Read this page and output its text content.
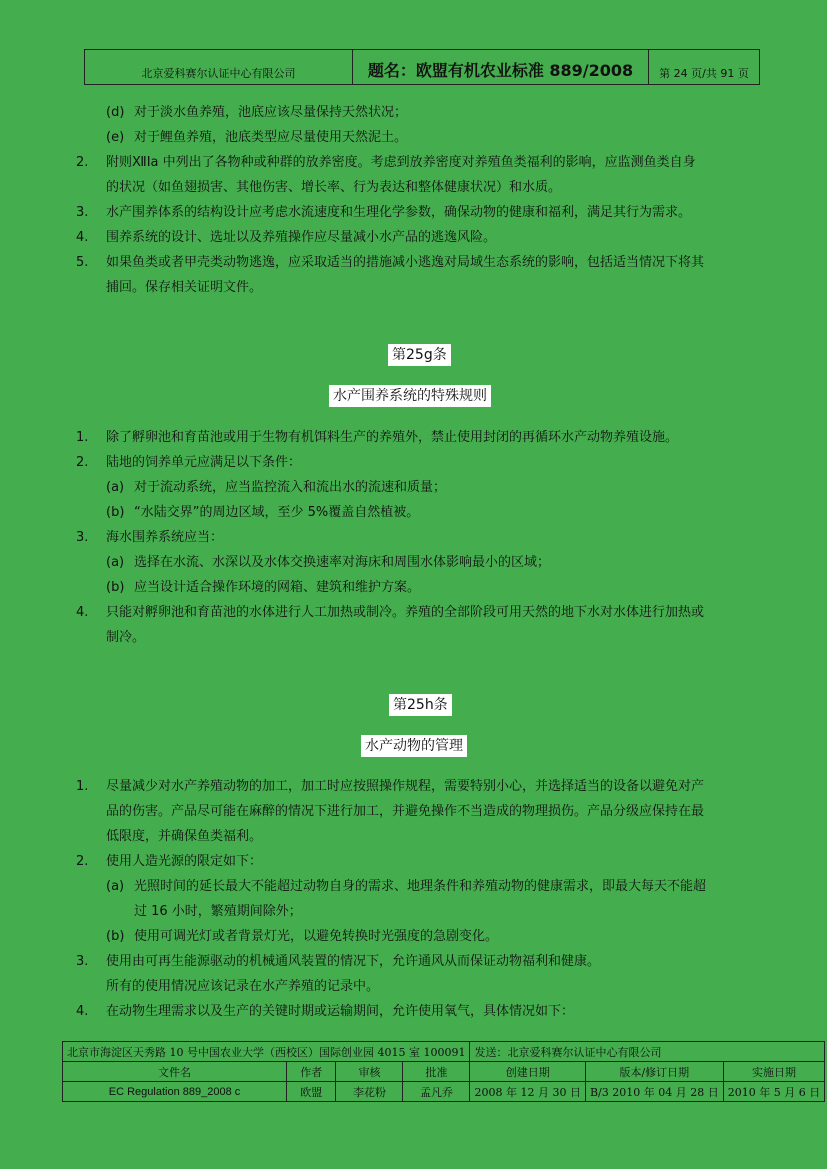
北京爱科赛尔认证中心有限公司	题名：欧盟有机农业标准 889/2008	第 24 页/共 91 页
(d) 对于淡水鱼养殖，池底应该尽量保持天然状况；
(e) 对于鲤鱼养殖，池底类型应尽量使用天然泥土。
2. 附则ⅫIa 中列出了各物种或种群的放养密度。考虑到放养密度对养殖鱼类福利的影响，应监测鱼类自身
的状况（如鱼翅损害、其他伤害、增长率、行为表达和整体健康状况）和水质。
3. 水产围养体系的结构设计应考虑水流速度和生理化学参数，确保动物的健康和福利，满足其行为需求。
4. 围养系统的设计、选址以及养殖操作应尽量减小水产品的逃逸风险。
5. 如果鱼类或者甲壳类动物逃逸，应采取适当的措施减小逃逸对局域生态系统的影响，包括适当情况下将其
捕回。保存相关证明文件。
第25g条
水产围养系统的特殊规则
1. 除了孵卵池和育苗池或用于生物有机饵料生产的养殖外，禁止使用封闭的再循环水产动物养殖设施。
2. 陆地的饲养单元应满足以下条件：
(a) 对于流动系统，应当监控流入和流出水的流速和质量；
(b) “水陆交界”的周边区域，至少 5%覆盖自然植被。
3. 海水围养系统应当：
(a) 选择在水流、水深以及水体交换速率对海床和周围水体影响最小的区域；
(b) 应当设计适合操作环境的网箱、建筑和维护方案。
4. 只能对孵卵池和育苗池的水体进行人工加热或制冷。养殖的全部阶段可用天然的地下水对水体进行加热或
制冷。
第25h条
水产动物的管理
1. 尽量减少对水产养殖动物的加工，加工时应按照操作规程，需要特别小心，并选择适当的设备以避免对产
品的伤害。产品尽可能在麻醉的情况下进行加工，并避免操作不当造成的物理损伤。产品分级应保持在最
低限度，并确保鱼类福利。
2. 使用人造光源的限定如下：
(a) 光照时间的延长最大不能超过动物自身的需求、地理条件和养殖动物的健康需求，即最大每天不能超
过 16 小时，繁殖期间除外；
(b) 使用可调光灯或者背景灯光，以避免转换时光强度的急剧变化。
3. 使用由可再生能源驱动的机械通风装置的情况下，允许通风从而保证动物福利和健康。
所有的使用情况应该记录在水产养殖的记录中。
4. 在动物生理需求以及生产的关键时期或运输期间，允许使用氧气，具体情况如下：
北京市海淀区天秀路 10 号中国农业大学（西校区）国际创业园 4015 室 100091				发送：北京爱科赛尔认证中心有限公司		
文件名	作者	审核	批准	创建日期	版本/修订日期	实施日期
EC Regulation 889_2008 c	欧盟	李花粉	孟凡乔	2008 年 12 月 30 日	B/3 2010 年 04 月 28 日	2010 年 5 月 6 日
